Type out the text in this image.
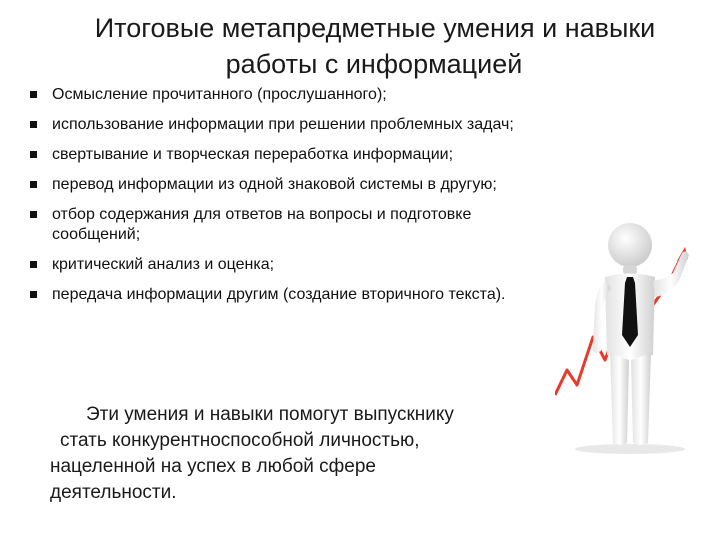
Итоговые метапредметные умения и навыки
работы с информацией
Осмысление прочитанного (прослушанного);
использование информации при решении проблемных задач;
свертывание и творческая переработка информации;
перевод информации из одной знаковой системы в другую;
отбор содержания для ответов на вопросы и подготовке сообщений;
критический анализ и оценка;
передача информации другим (создание вторичного текста).
Эти умения и навыки помогут выпускнику
стать конкурентноспособной личностью,
нацеленной на успех в любой сфере
деятельности.
